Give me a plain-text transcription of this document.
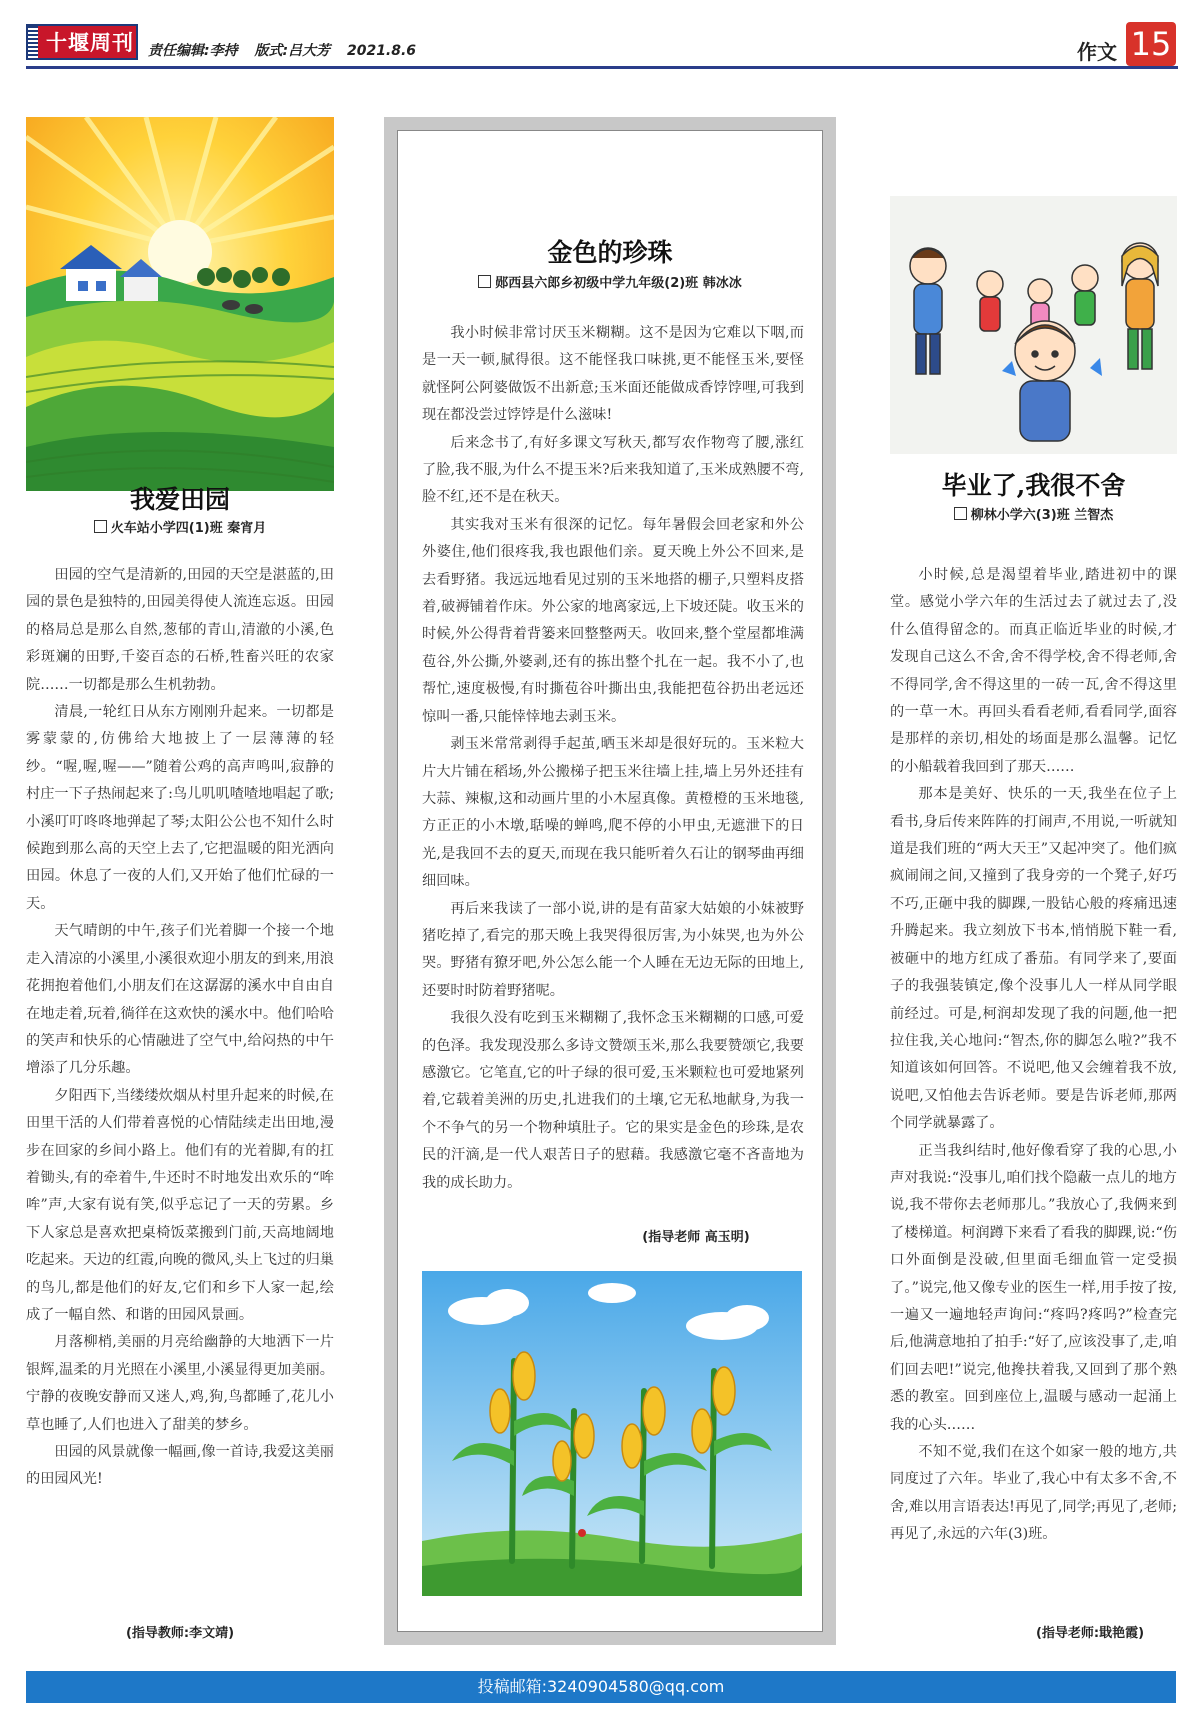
十堰周刊 责任编辑:李持 版式:吕大芳 2021.8.6	作文 15
我爱田园
火车站小学四(1)班 秦宵月

田园的空气是清新的,田园的天空是湛蓝的,田园的景色是独特的,田园美得使人流连忘返。田园的格局总是那么自然,葱郁的青山,清澈的小溪,色彩斑斓的田野,千姿百态的石桥,牲畜兴旺的农家院……一切都是那么生机勃勃。

清晨,一轮红日从东方刚刚升起来。一切都是雾蒙蒙的,仿佛给大地披上了一层薄薄的轻纱。“喔,喔,喔——”随着公鸡的高声鸣叫,寂静的村庄一下子热闹起来了:鸟儿叽叽喳喳地唱起了歌;小溪叮叮咚咚地弹起了琴;太阳公公也不知什么时候跑到那么高的天空上去了,它把温暖的阳光洒向田园。休息了一夜的人们,又开始了他们忙碌的一天。

天气晴朗的中午,孩子们光着脚一个接一个地走入清凉的小溪里,小溪很欢迎小朋友的到来,用浪花拥抱着他们,小朋友们在这潺潺的溪水中自由自在地走着,玩着,徜徉在这欢快的溪水中。他们哈哈的笑声和快乐的心情融进了空气中,给闷热的中午增添了几分乐趣。

夕阳西下,当缕缕炊烟从村里升起来的时候,在田里干活的人们带着喜悦的心情陆续走出田地,漫步在回家的乡间小路上。他们有的光着脚,有的扛着锄头,有的牵着牛,牛还时不时地发出欢乐的“哞哞”声,大家有说有笑,似乎忘记了一天的劳累。乡下人家总是喜欢把桌椅饭菜搬到门前,天高地阔地吃起来。天边的红霞,向晚的微风,头上飞过的归巢的鸟儿,都是他们的好友,它们和乡下人家一起,绘成了一幅自然、和谐的田园风景画。

月落柳梢,美丽的月亮给幽静的大地洒下一片银辉,温柔的月光照在小溪里,小溪显得更加美丽。宁静的夜晚安静而又迷人,鸡,狗,鸟都睡了,花儿小草也睡了,人们也进入了甜美的梦乡。

田园的风景就像一幅画,像一首诗,我爱这美丽的田园风光!

(指导教师:李文靖)
金色的珍珠
郧西县六郎乡初级中学九年级(2)班 韩冰冰

我小时候非常讨厌玉米糊糊。这不是因为它难以下咽,而是一天一顿,腻得很。这不能怪我口味挑,更不能怪玉米,要怪就怪阿公阿婆做饭不出新意;玉米面还能做成香饽饽哩,可我到现在都没尝过饽饽是什么滋味!

后来念书了,有好多课文写秋天,都写农作物弯了腰,涨红了脸,我不服,为什么不提玉米?后来我知道了,玉米成熟腰不弯,脸不红,还不是在秋天。

其实我对玉米有很深的记忆。每年暑假会回老家和外公外婆住,他们很疼我,我也跟他们亲。夏天晚上外公不回来,是去看野猪。我远远地看见过别的玉米地搭的棚子,只塑料皮搭着,破褥铺着作床。外公家的地离家远,上下坡还陡。收玉米的时候,外公得背着背篓来回整整两天。收回来,整个堂屋都堆满苞谷,外公撕,外婆剥,还有的拣出整个扎在一起。我不小了,也帮忙,速度极慢,有时撕苞谷叶撕出虫,我能把苞谷扔出老远还惊叫一番,只能悻悻地去剥玉米。

剥玉米常常剥得手起茧,晒玉米却是很好玩的。玉米粒大片大片铺在稻场,外公搬梯子把玉米往墙上挂,墙上另外还挂有大蒜、辣椒,这和动画片里的小木屋真像。黄橙橙的玉米地毯,方正正的小木墩,聒噪的蝉鸣,爬不停的小甲虫,无遮泄下的日光,是我回不去的夏天,而现在我只能听着久石让的钢琴曲再细细回味。

再后来我读了一部小说,讲的是有苗家大姑娘的小妹被野猪吃掉了,看完的那天晚上我哭得很厉害,为小妹哭,也为外公哭。野猪有獠牙吧,外公怎么能一个人睡在无边无际的田地上,还要时时防着野猪呢。

我很久没有吃到玉米糊糊了,我怀念玉米糊糊的口感,可爱的色泽。我发现没那么多诗文赞颂玉米,那么我要赞颂它,我要感激它。它笔直,它的叶子绿的很可爱,玉米颗粒也可爱地紧列着,它载着美洲的历史,扎进我们的土壤,它无私地献身,为我一个不争气的另一个物种填肚子。它的果实是金色的珍珠,是农民的汗滴,是一代人艰苦日子的慰藉。我感激它毫不吝啬地为我的成长助力。

(指导老师 高玉明)
毕业了,我很不舍
柳林小学六(3)班 兰智杰

小时候,总是渴望着毕业,踏进初中的课堂。感觉小学六年的生活过去了就过去了,没什么值得留念的。而真正临近毕业的时候,才发现自己这么不舍,舍不得学校,舍不得老师,舍不得同学,舍不得这里的一砖一瓦,舍不得这里的一草一木。再回头看看老师,看看同学,面容是那样的亲切,相处的场面是那么温馨。记忆的小船载着我回到了那天……

那本是美好、快乐的一天,我坐在位子上看书,身后传来阵阵的打闹声,不用说,一听就知道是我们班的“两大天王”又起冲突了。他们疯疯闹闹之间,又撞到了我身旁的一个凳子,好巧不巧,正砸中我的脚踝,一股钻心般的疼痛迅速升腾起来。我立刻放下书本,悄悄脱下鞋一看,被砸中的地方红成了番茄。有同学来了,要面子的我强装镇定,像个没事儿人一样从同学眼前经过。可是,柯润却发现了我的问题,他一把拉住我,关心地问:“智杰,你的脚怎么啦?”我不知道该如何回答。不说吧,他又会缠着我不放,说吧,又怕他去告诉老师。要是告诉老师,那两个同学就暴露了。

正当我纠结时,他好像看穿了我的心思,小声对我说:“没事儿,咱们找个隐蔽一点儿的地方说,我不带你去老师那儿。”我放心了,我俩来到了楼梯道。柯润蹲下来看了看我的脚踝,说:“伤口外面倒是没破,但里面毛细血管一定受损了。”说完,他又像专业的医生一样,用手按了按,一遍又一遍地轻声询问:“疼吗?疼吗?”检查完后,他满意地拍了拍手:“好了,应该没事了,走,咱们回去吧!”说完,他搀扶着我,又回到了那个熟悉的教室。回到座位上,温暖与感动一起涌上我的心头……

不知不觉,我们在这个如家一般的地方,共同度过了六年。毕业了,我心中有太多不舍,不舍,难以用言语表达!再见了,同学;再见了,老师;再见了,永远的六年(3)班。

(指导老师:戢艳霞)
投稿邮箱:3240904580@qq.com
